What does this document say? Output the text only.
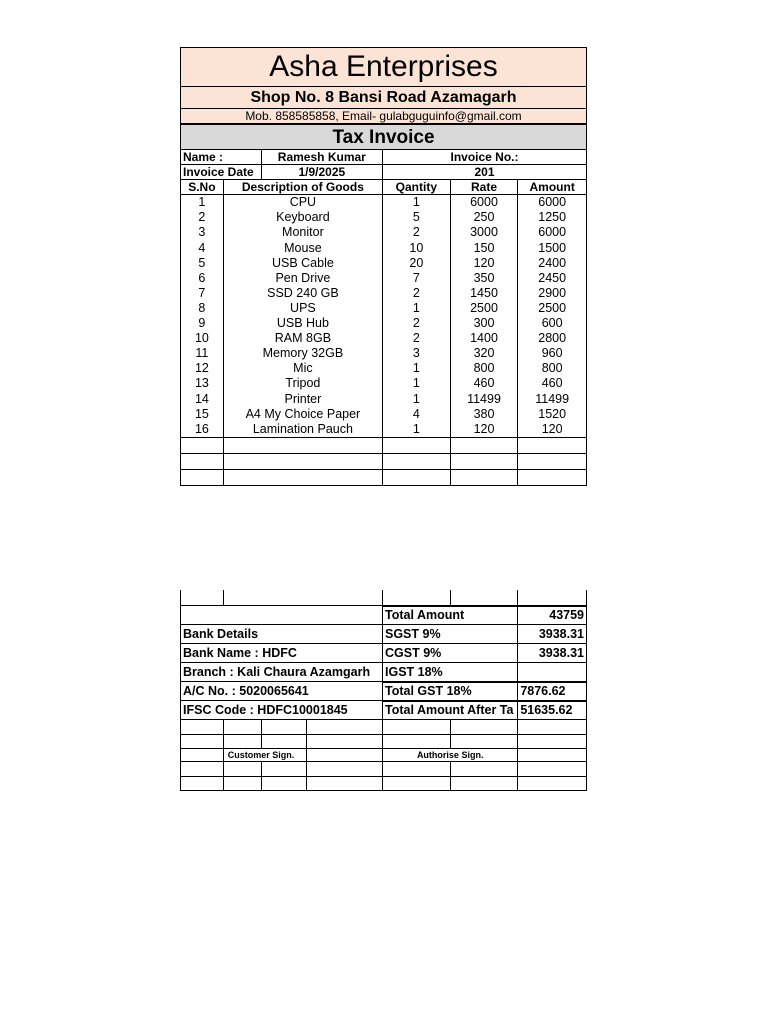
Asha Enterprises
Shop No. 8 Bansi Road Azamagarh
Mob. 858585858, Email- gulabguguinfo@gmail.com
Tax Invoice
Name :	Ramesh Kumar	Invoice No.:
Invoice Date	1/9/2025	201
S.No	Description of Goods	Qantity	Rate	Amount
1	CPU	1	6000	6000
2	Keyboard	5	250	1250
3	Monitor	2	3000	6000
4	Mouse	10	150	1500
5	USB Cable	20	120	2400
6	Pen Drive	7	350	2450
7	SSD 240 GB	2	1450	2900
8	UPS	1	2500	2500
9	USB Hub	2	300	600
10	RAM 8GB	2	1400	2800
11	Memory 32GB	3	320	960
12	Mic	1	800	800
13	Tripod	1	460	460
14	Printer	1	11499	11499
15	A4 My Choice Paper	4	380	1520
16	Lamination Pauch	1	120	120
Total Amount	43759
Bank Details	SGST 9%	3938.31
Bank Name : HDFC	CGST 9%	3938.31
Branch : Kali Chaura Azamgarh	IGST 18%
A/C No. : 5020065641	Total GST 18%	7876.62
IFSC Code : HDFC10001845	Total Amount After Ta 51635.62
Customer Sign.	Authorise Sign.
